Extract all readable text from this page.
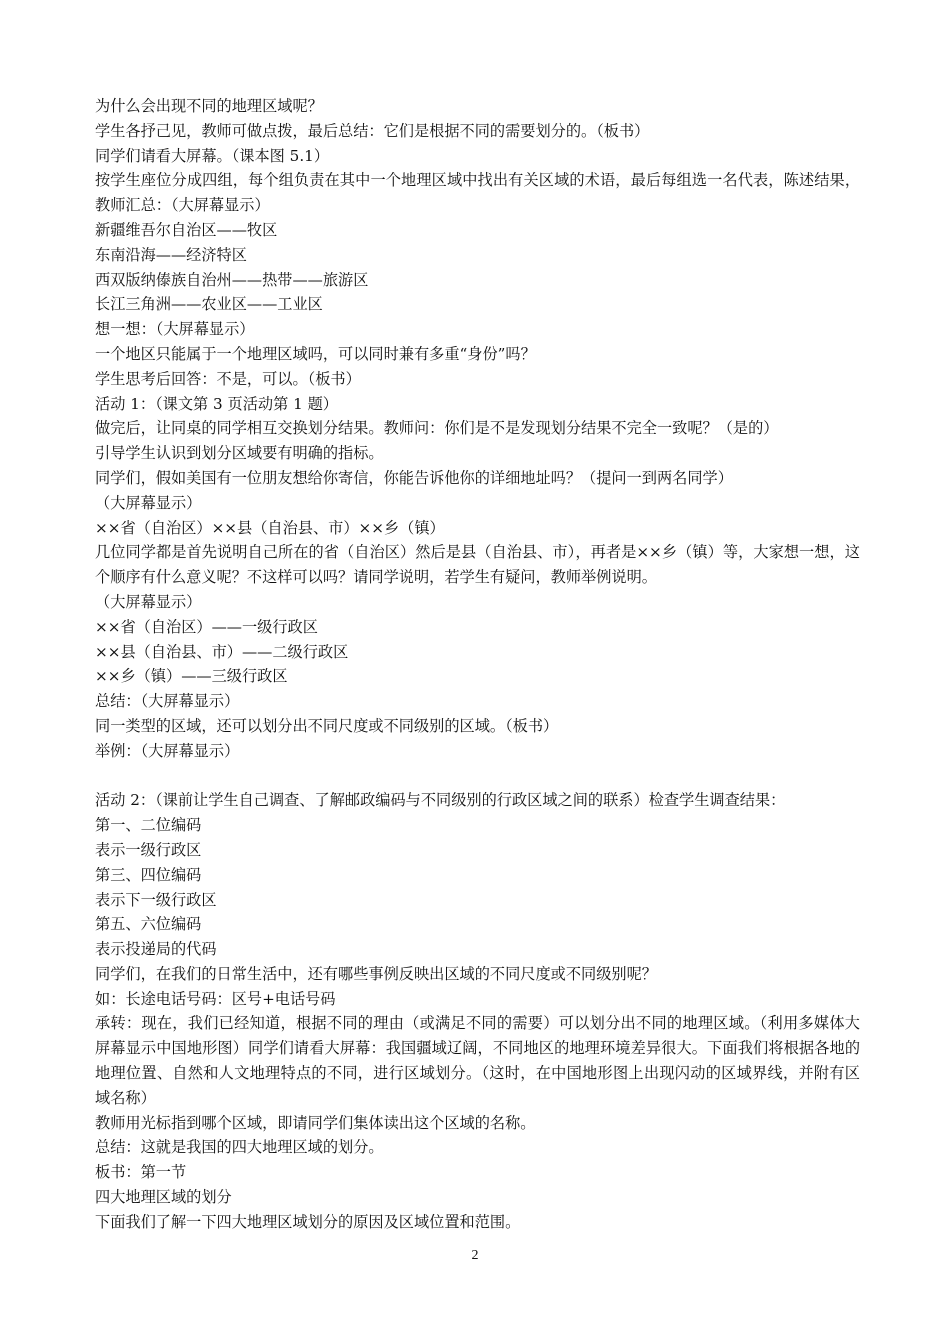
为什么会出现不同的地理区域呢？
学生各抒己见，教师可做点拨，最后总结：它们是根据不同的需要划分的。（板书）
同学们请看大屏幕。（课本图 5.1）
按学生座位分成四组，每个组负责在其中一个地理区域中找出有关区域的术语，最后每组选一名代表，陈述结果，教师汇总：（大屏幕显示）
新疆维吾尔自治区——牧区
东南沿海——经济特区
西双版纳傣族自治州——热带——旅游区
长江三角洲——农业区——工业区
想一想：（大屏幕显示）
一个地区只能属于一个地理区域吗，可以同时兼有多重“身份”吗？
学生思考后回答：不是，可以。（板书）
活动 1：（课文第 3 页活动第 1 题）
做完后，让同桌的同学相互交换划分结果。教师问：你们是不是发现划分结果不完全一致呢？（是的）
引导学生认识到划分区域要有明确的指标。
同学们，假如美国有一位朋友想给你寄信，你能告诉他你的详细地址吗？（提问一到两名同学）
（大屏幕显示）
××省（自治区）××县（自治县、市）××乡（镇）
几位同学都是首先说明自己所在的省（自治区）然后是县（自治县、市），再者是××乡（镇）等，大家想一想，这个顺序有什么意义呢？不这样可以吗？请同学说明，若学生有疑问，教师举例说明。
（大屏幕显示）
××省（自治区）——一级行政区
××县（自治县、市）——二级行政区
××乡（镇）——三级行政区
总结：（大屏幕显示）
同一类型的区域，还可以划分出不同尺度或不同级别的区域。（板书）
举例：（大屏幕显示）
活动 2：（课前让学生自己调查、了解邮政编码与不同级别的行政区域之间的联系）检查学生调查结果：
第一、二位编码
表示一级行政区
第三、四位编码
表示下一级行政区
第五、六位编码
表示投递局的代码
同学们，在我们的日常生活中，还有哪些事例反映出区域的不同尺度或不同级别呢？
如：长途电话号码：区号+电话号码
承转：现在，我们已经知道，根据不同的理由（或满足不同的需要）可以划分出不同的地理区域。（利用多媒体大屏幕显示中国地形图）同学们请看大屏幕：我国疆域辽阔，不同地区的地理环境差异很大。下面我们将根据各地的地理位置、自然和人文地理特点的不同，进行区域划分。（这时，在中国地形图上出现闪动的区域界线，并附有区域名称）
教师用光标指到哪个区域，即请同学们集体读出这个区域的名称。
总结：这就是我国的四大地理区域的划分。
板书：第一节
四大地理区域的划分
下面我们了解一下四大地理区域划分的原因及区域位置和范围。
2
